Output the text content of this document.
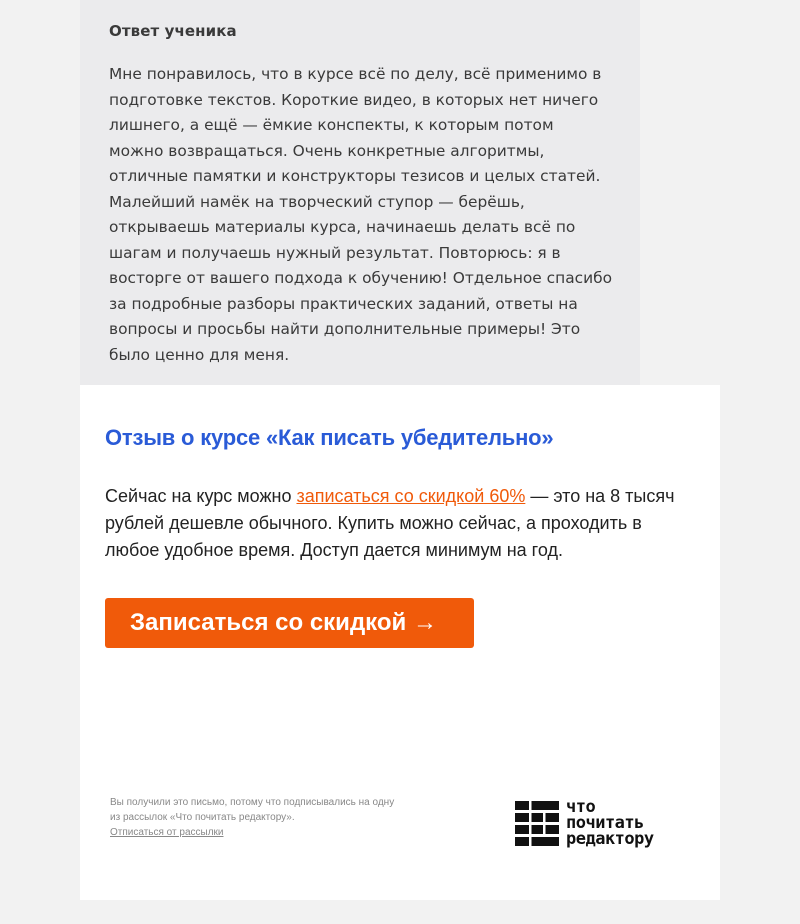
Ответ ученика

Мне понравилось, что в курсе всё по делу, всё применимо в подготовке текстов. Короткие видео, в которых нет ничего лишнего, а ещё — ёмкие конспекты, к которым потом можно возвращаться. Очень конкретные алгоритмы, отличные памятки и конструкторы тезисов и целых статей. Малейший намёк на творческий ступор — берёшь, открываешь материалы курса, начинаешь делать всё по шагам и получаешь нужный результат. Повторюсь: я в восторге от вашего подхода к обучению! Отдельное спасибо за подробные разборы практических заданий, ответы на вопросы и просьбы найти дополнительные примеры! Это было ценно для меня.

Отзыв о курсе «Как писать убедительно»

Сейчас на курс можно записаться со скидкой 60% — это на 8 тысяч рублей дешевле обычного. Купить можно сейчас, а проходить в любое удобное время. Доступ дается минимум на год.

Записаться со скидкой →

Вы получили это письмо, потому что подписывались на одну из рассылок «Что почитать редактору».
Отписаться от рассылки

что
почитать
редактору
